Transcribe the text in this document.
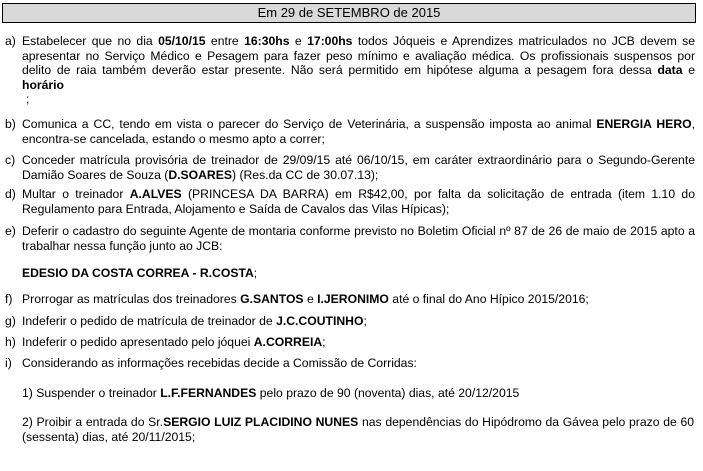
Em 29 de SETEMBRO de 2015
a) Estabelecer que no dia 05/10/15 entre 16:30hs e 17:00hs todos Jóqueis e Aprendizes matriculados no JCB devem se apresentar no Serviço Médico e Pesagem para fazer peso mínimo e avaliação médica. Os profissionais suspensos por delito de raia também deverão estar presente. Não será permitido em hipótese alguma a pesagem fora dessa data e horário
;
b) Comunica a CC, tendo em vista o parecer do Serviço de Veterinária, a suspensão imposta ao animal ENERGIA HERO, encontra-se cancelada, estando o mesmo apto a correr;
c) Conceder matrícula provisória de treinador de 29/09/15 até 06/10/15, em caráter extraordinário para o Segundo-Gerente Damião Soares de Souza (D.SOARES) (Res.da CC de 30.07.13);
d) Multar o treinador A.ALVES (PRINCESA DA BARRA) em R$42,00, por falta da solicitação de entrada (item 1.10 do Regulamento para Entrada, Alojamento e Saída de Cavalos das Vilas Hípicas);
e) Deferir o cadastro do seguinte Agente de montaria conforme previsto no Boletim Oficial nº 87 de 26 de maio de 2015 apto a trabalhar nessa função junto ao JCB:
EDESIO DA COSTA CORREA - R.COSTA;
f) Prorrogar as matrículas dos treinadores G.SANTOS e I.JERONIMO até o final do Ano Hípico 2015/2016;
g) Indeferir o pedido de matrícula de treinador de J.C.COUTINHO;
h) Indeferir o pedido apresentado pelo jóquei A.CORREIA;
i) Considerando as informações recebidas decide a Comissão de Corridas:
1) Suspender o treinador L.F.FERNANDES pelo prazo de 90 (noventa) dias, até 20/12/2015
2) Proibir a entrada do Sr.SERGIO LUIZ PLACIDINO NUNES nas dependências do Hipódromo da Gávea pelo prazo de 60 (sessenta) dias, até 20/11/2015;
